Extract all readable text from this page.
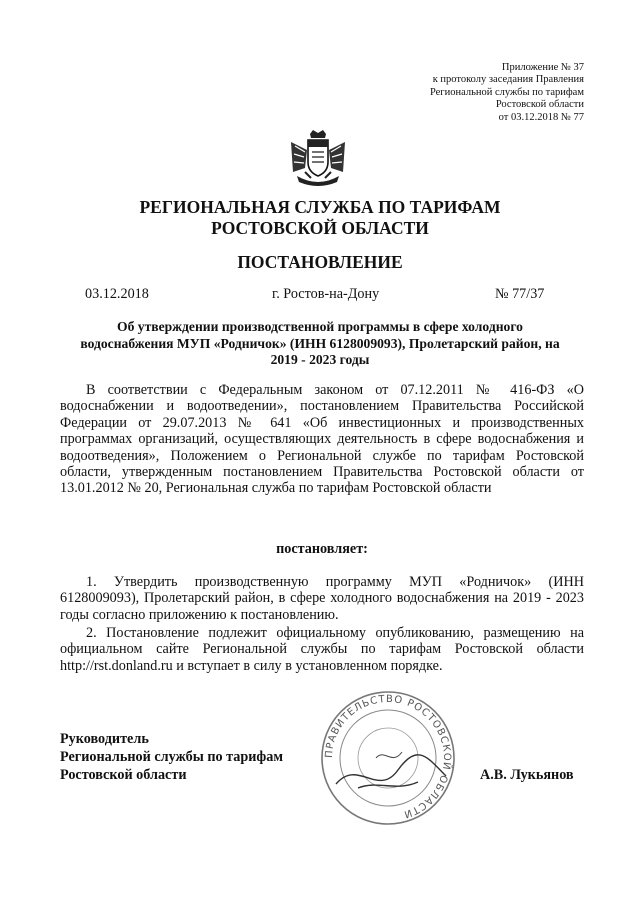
Приложение № 37
к протоколу заседания Правления
Региональной службы по тарифам
Ростовской области
от 03.12.2018 № 77
РЕГИОНАЛЬНАЯ СЛУЖБА ПО ТАРИФАМ
РОСТОВСКОЙ ОБЛАСТИ
ПОСТАНОВЛЕНИЕ
03.12.2018	г. Ростов-на-Дону	№ 77/37
Об утверждении производственной программы в сфере холодного водоснабжения МУП «Родничок» (ИНН 6128009093), Пролетарский район, на 2019 - 2023 годы

В соответствии с Федеральным законом от 07.12.2011 № 416-ФЗ «О водоснабжении и водоотведении», постановлением Правительства Российской Федерации от 29.07.2013 № 641 «Об инвестиционных и производственных программах организаций, осуществляющих деятельность в сфере водоснабжения и водоотведения», Положением о Региональной службе по тарифам Ростовской области, утвержденным постановлением Правительства Ростовской области от 13.01.2012 № 20, Региональная служба по тарифам Ростовской области

постановляет:

1. Утвердить производственную программу МУП «Родничок» (ИНН 6128009093), Пролетарский район, в сфере холодного водоснабжения на 2019 - 2023 годы согласно приложению к постановлению.

2. Постановление подлежит официальному опубликованию, размещению на официальном сайте Региональной службы по тарифам Ростовской области http://rst.donland.ru и вступает в силу в установленном порядке.

ПРАВИТЕЛЬСТВО РОСТОВСКОЙ ОБЛАСТИ
Руководитель
Региональной службы по тарифам
Ростовской области	А.В. Лукьянов
